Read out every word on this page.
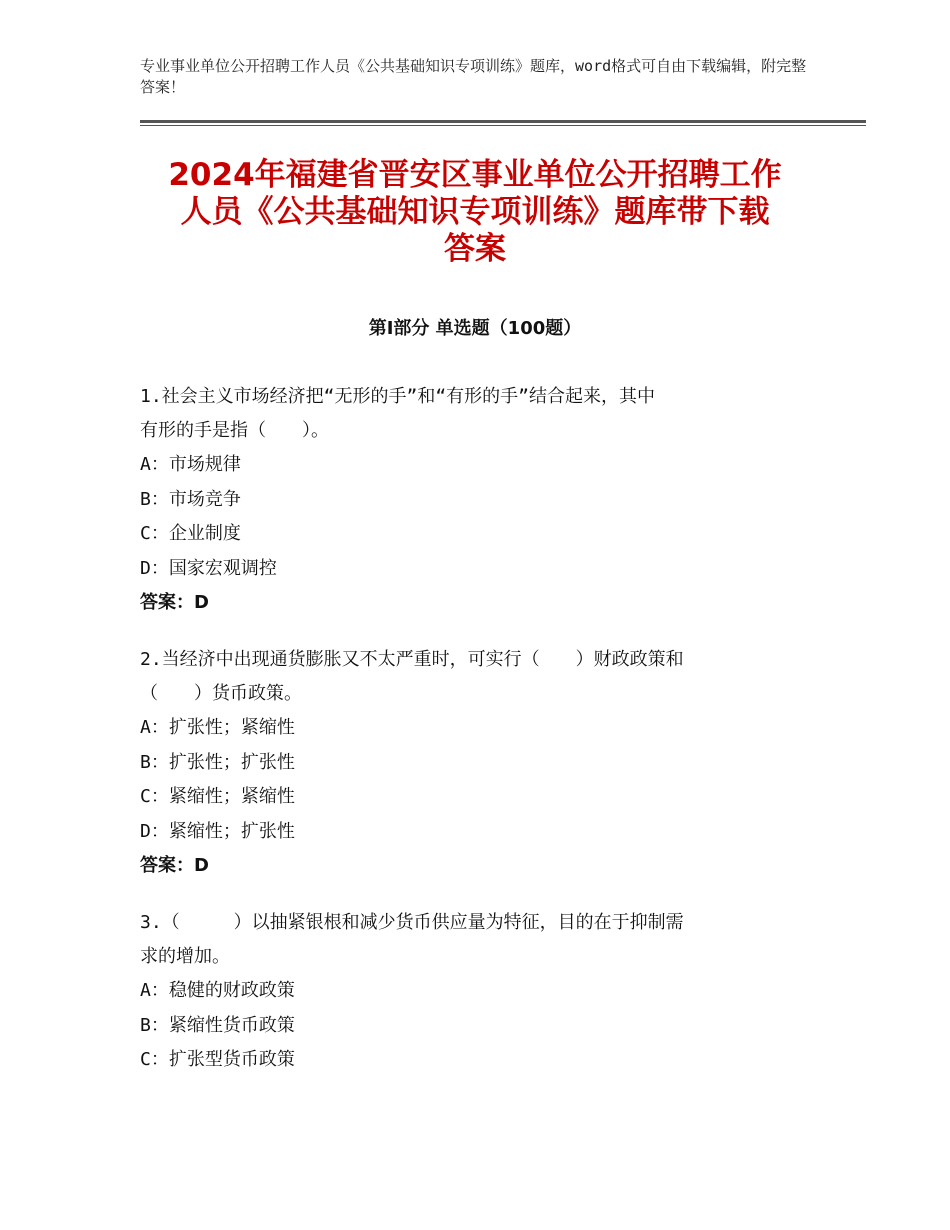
专业事业单位公开招聘工作人员《公共基础知识专项训练》题库，word格式可自由下载编辑，附完整答案！
2024年福建省晋安区事业单位公开招聘工作
人员《公共基础知识专项训练》题库带下载
答案
第Ⅰ部分 单选题（100题）
1.社会主义市场经济把“无形的手”和“有形的手”结合起来，其中
有形的手是指（　　）。
A：市场规律
B：市场竞争
C：企业制度
D：国家宏观调控
答案：D
2.当经济中出现通货膨胀又不太严重时，可实行（　　）财政政策和
（　　）货币政策。
A：扩张性；紧缩性
B：扩张性；扩张性
C：紧缩性；紧缩性
D：紧缩性；扩张性
答案：D
3.（　　　）以抽紧银根和减少货币供应量为特征，目的在于抑制需
求的增加。
A：稳健的财政政策
B：紧缩性货币政策
C：扩张型货币政策
